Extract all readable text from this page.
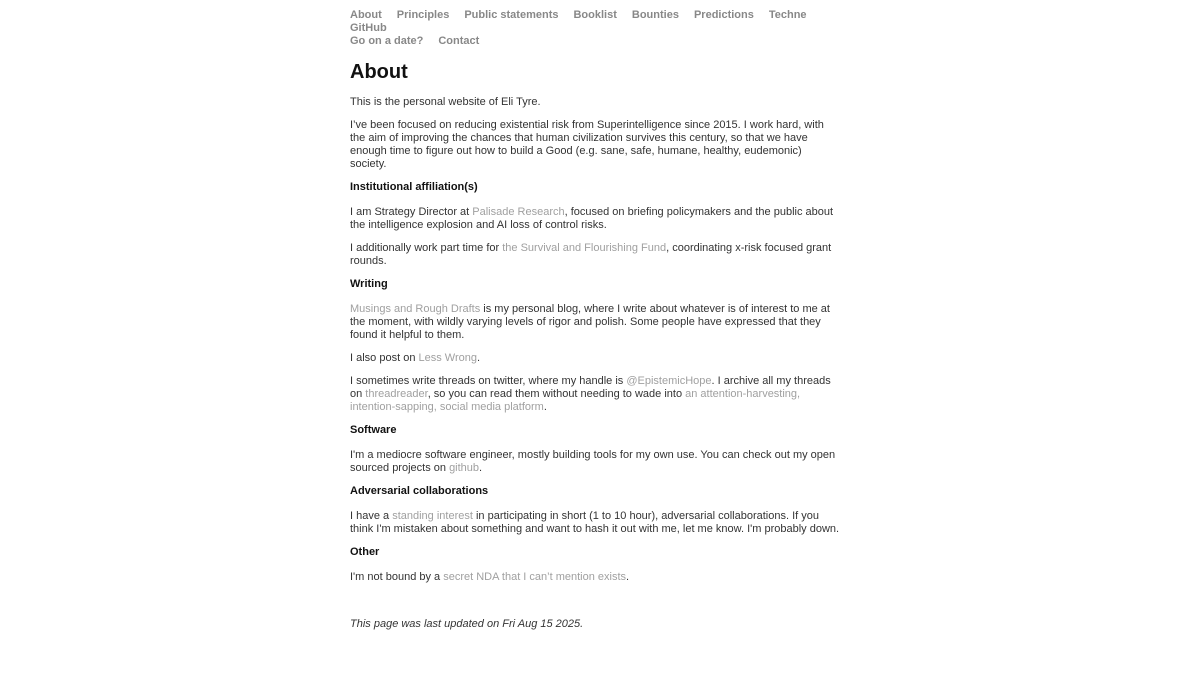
About Principles Public statements Booklist Bounties Predictions TechneGitHub
Go on a date? Contact
About

This is the personal website of Eli Tyre.

I’ve been focused on reducing existential risk from Superintelligence since 2015. I work hard, with the aim of improving the chances that human civilization survives this century, so that we have enough time to figure out how to build a Good (e.g. sane, safe, humane, healthy, eudemonic) society.

Institutional affiliation(s)

I am Strategy Director at Palisade Research, focused on briefing policymakers and the public about the intelligence explosion and AI loss of control risks.

I additionally work part time for the Survival and Flourishing Fund, coordinating x-risk focused grant rounds.

Writing

Musings and Rough Drafts is my personal blog, where I write about whatever is of interest to me at the moment, with wildly varying levels of rigor and polish. Some people have expressed that they found it helpful to them.

I also post on Less Wrong.

I sometimes write threads on twitter, where my handle is @EpistemicHope. I archive all my threads on threadreader, so you can read them without needing to wade into an attention-harvesting, intention-sapping, social media platform.

Software

I'm a mediocre software engineer, mostly building tools for my own use. You can check out my open sourced projects on github.

Adversarial collaborations

I have a standing interest in participating in short (1 to 10 hour), adversarial collaborations. If you think I'm mistaken about something and want to hash it out with me, let me know. I'm probably down.

Other

I'm not bound by a secret NDA that I can’t mention exists.

This page was last updated on Fri Aug 15 2025.
